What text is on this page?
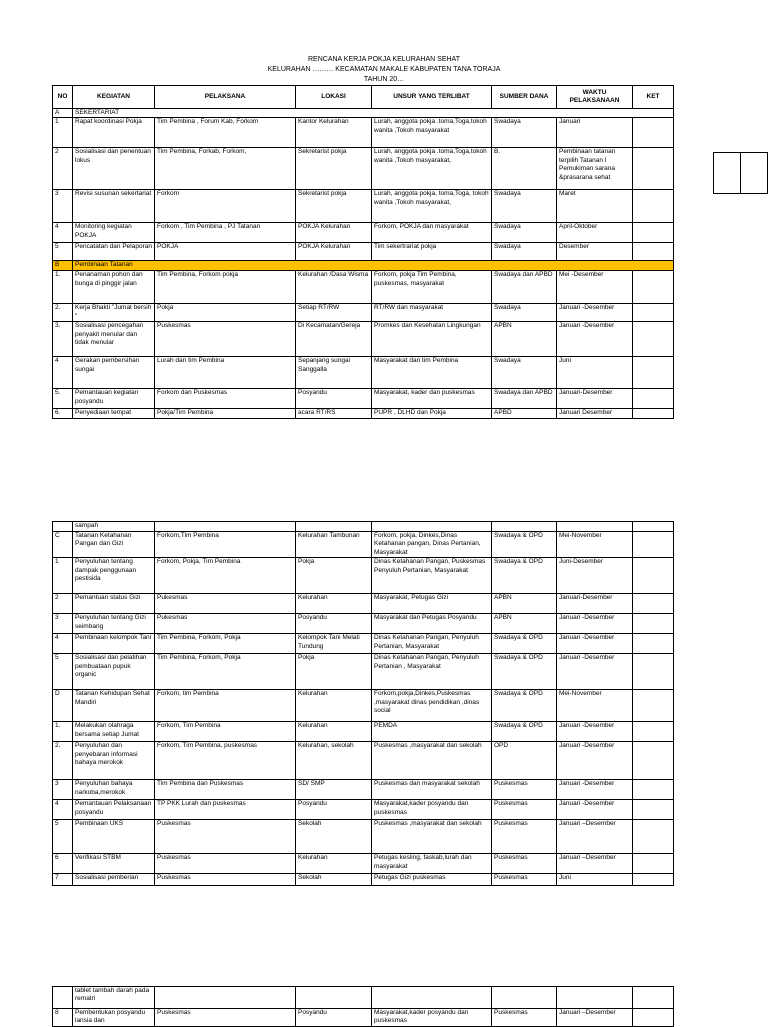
RENCANA KERJA POKJA KELURAHAN SEHAT
KELURAHAN ……… KECAMATAN MAKALE KABUPATEN TANA TORAJA
TAHUN 20…
NO	KEGIATAN	PELAKSANA	LOKASI	UNSUR YANG TERLIBAT	SUMBER DANA	WAKTU PELAKSANAAN	KET
A	SEKERTARIAT						
1	Rapat koordinasi Pokja	Tim Pembina , Forum Kab, Forkom	Kantor Kelurahan	Lurah, anggota pokja .toma,Toga,tokoh wanita ,Tokoh masyarakat	Swadaya	Januari	
2	Sosialisasi dan penentuan lokus	Tim Pembina, Forkab, Forkom,	Sekretarist pokja	Lurah, anggota pokja .toma,Toga,tokoh wanita ,Tokoh masyarakat,	B.	Pembinaan tatanan terpilih Tatanan I Pemukiman sarana &prasarana sehat	
3	Revisi susunan sekertariat	Forkom	Sekretarist pokja	Lurah, anggota pokja, toma,Toga, tokoh wanita ,Tokoh masyarakat,	Swadaya	Maret	
4	Monitoring kegiatan POKJA	Forkom , Tim Pembina , PJ Tatanan	POKJA Kelurahan	Forkom, POKJA dan masyarakat	Swadaya	April-Oktober	
5	Pencatatan dan Pelaporan	POKJA	POKJA Kelurahan	Tim sekertrariat pokja	Swadaya	Desember	
B	Pembinaan Tatanan						
1.	Penanaman pohon dan bunga di pinggir jalan	Tim Pembina, Forkom pokja	Kelurahan /Dasa Wisma	Forkom, pokja Tim Pembina, puskesmas, masyarakat	Swadaya dan APBD	Mei -Desember	
2.	Kerja Bhakti "Jumat bersih "	Pokja	Setiap RT/RW	RT/RW dan masyarakat	Swadaya	Januari -Desember	
3.	Sosialisasi pencegahan penyakit menular dan tidak menular	Puskesmas	Di Kecamatan/Gereja	Promkes dan Kesehatan Lingkungan	APBN	Januari -Desember	
4	Gerakan pembersihan sungai	Lurah dan tim Pembina	Sepanjang sungai Sanggalla	Masyarakat dan tim Pembina	Swadaya	Juni	
5.	Pemantauan kegiatan posyandu	Forkom dan Puskesmas	Posyandu	Masyarakat, kader dan puskesmas	Swadaya dan APBD	Januari-Desember	
6.	Penyediaan tempat	Pokja/Tim Pembina	acara RT/RS	PUPR , DLHD dan Pokja	APBD	Januari Desember	

	sampah						
C	Tatanan Ketahanan Pangan dan Gizi	Forkom,Tim Pembina	Kelurahan Tambunan	Forkom, pokja, Dinkes,Dinas Ketahanan pangan, Dinas Pertanian, Masyarakat	Swadaya & OPD	Mei-November	
1	Penyuluhan tentang dampak penggunaan pestisida	Forkom, Pokja, Tim Pembina	Pokja	Dinas Ketahanan Pangan, Puskesmas Penyuluh Pertanian, Masyarakat	Swadaya & OPD	Juni-Desember	
2	Pemantuan status Gizi	Pukesmas	Kelurahan	Masyarakat, Petugas Gizi	APBN	Januari-Desember	
3	Penyuluhan tentang Gizi seimbang	Pukesmas	Posyandu	Masyarakat dan Petugas Posyandu	APBN	Januari -Desember	
4	Pembinaan kelompok Tani	Tim Pembina, Forkom, Pokja	Kelompok Tani Melati Tundung	Dinas Ketahanan Pangan, Penyuluh Pertanian, Masyarakat	Swadaya & OPD	Januari -Desember	
5	Sosialisasi dan pelatihan pembuataan pupuk organic	Tim Pembina, Forkom, Pokja	Pokja	Dinas Ketahanan Pangan, Penyuluh Pertanian , Masyarakat	Swadaya & OPD	Januari -Desember	
D	Tatanan Kehidupan Sehat Mandiri	Forkom, tim Pembina	Kelurahan	Forkom,pokja,Dinkes,Puskesmas ,masyarakat dinas pendidikan ,dinas social	Swadaya & OPD	Mei-November	
1.	Melakukan olahraga bersama setiap Jumat	Forkom, Tim Pembina	Kelurahan	PEMDA	Swadaya & OPD	Januari -Desember	
2.	Penyuluhan dan penyebaran informasi bahaya merokok	Forkom, Tim Pembina, puskesmas	Kelurahan, sekolah	Puskesmas ,masyarakat dan sekolah	OPD	Januari -Desember	
3	Penyuluhan bahaya narkoba,merokok	Tim Pembina dan Puskesmas	SD/ SMP	Puskesmas dan masyarakat sekolah	Puskesmas	Januari -Desember	
4	Pemantauan Pelaksanaan posyandu	TP PKK Lurah dan puskesmas	Posyandu	Masyarakat,kader posyandu dan puskesmas	Puskesmas	Januari -Desember	
5	Pembinaan UKS	Puskesmas	Sekolah	Puskesmas ,masyarakat dan sekolah	Puskesmas	Januari –Desember	
6	Verifikasi STBM	Puskesmas	Kelurahan	Petugas kesling, faskab,lurah dan masyarakat	Puskesmas	Januari –Desember	
7	Sosialisasi pemberian	Puskesmas	Sekolah	Petugas Gizi puskesmas	Puskesmas	Juni	
	tablet tambah darah pada rematri						
8	Pembentukan posyandu lansia dan	Puskesmas	Posyandu	Masyarakat,kader posyandu dan puskesmas	Puskesmas	Januari –Desember	
